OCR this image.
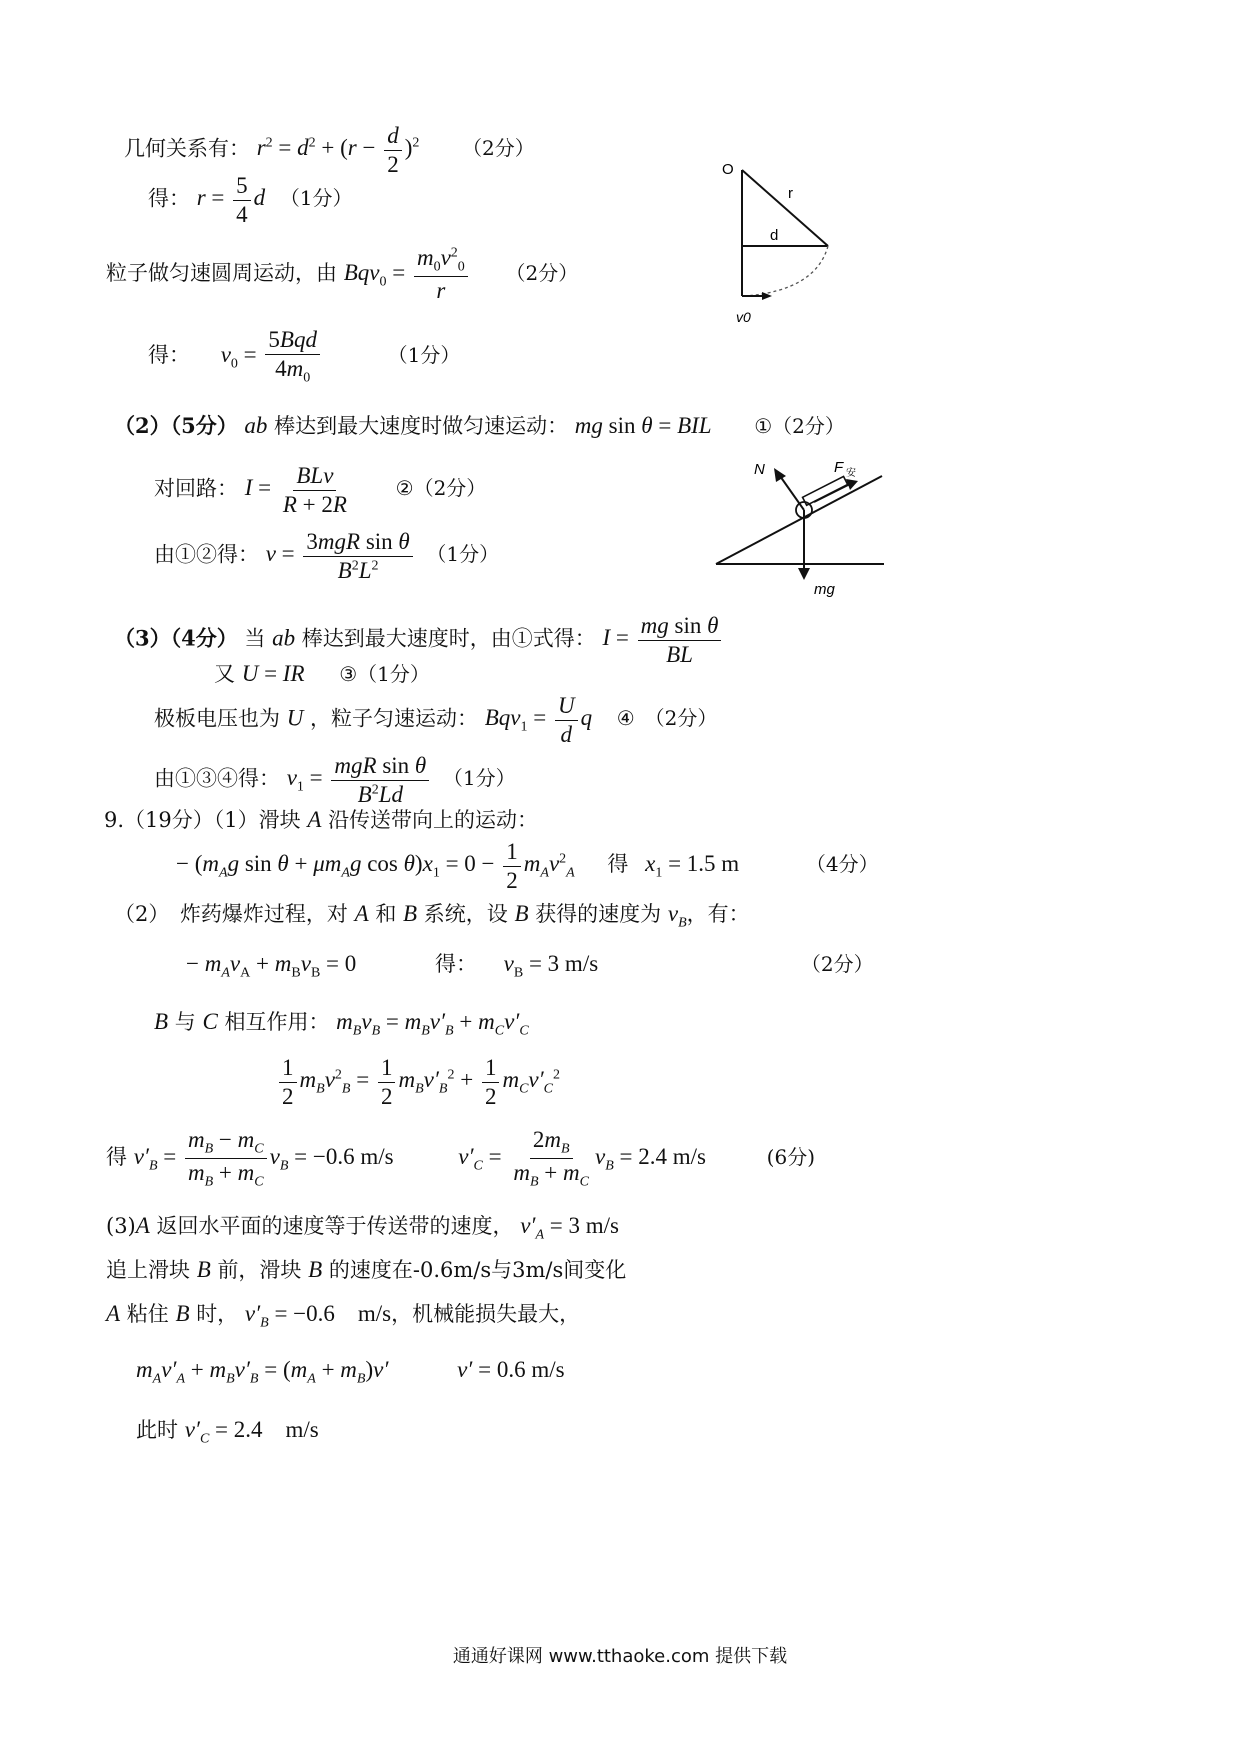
几何关系有： $r^2 = d^2 + (r - \frac{d}{2} )^2$ （2分）
得： $r = \frac{5}{4}$ d （1分）
粒子做匀速圆周运动，由 $Bqv_0 = \frac{m_0v^2_0}{r} (2$分）
得： $v_0 = \frac{\text{5Bqd}}{4m_0}$	（1分）
O
r
d
v0
（2）（5分） ab 棒达到最大速度时做匀速运动： mg sin θ = BIL ①（2分）
对回路： $I = \frac{\text{BLv}}{R + 2R}$ ②（2分）
由①②得： $v = \frac{\text{3mgR sin θ}}{B^2L^2} (1$分）
N	F 安
mg
（3）（4分） 当 ab 棒达到最大速度时，由①式得： $I = \frac{\text{mg sin θ}}{BL}$
又 U = IR ③（1分）
极板电压也为 U ，粒子匀速运动： $Bqv_1 = \frac{U}{d}$ q ④　（2分）
由①③④得： $v_1 = \frac{\text{mgR sin θ}}{B^2Ld} (1$分）
9.（19分）（1）滑块 A 沿传送带向上的运动：
− ($m_Ag$ $\sin \theta + \mu m_Ag$ $\cos \theta)x_1 = 0 - \frac{1}{2} m_Av^2_A$ 得 $x_1 = 1.5$ m	（4分）
（2）　炸药爆炸过程，对 A 和 B 系统，设 B 获得的速度为 $v_B$，有：
− $m_Av_A + m_Bv_B = 0$	得： $v_B = 3$ m/s	（2分）
B 与 C 相互作用： $m_Bv_B = m_Bv'_B + m_Cv'_C$
$\frac{1}{2} m_Bv^2_B = \frac{1}{2} m_Bv'_B^2 + \frac{1}{2} m_Cv'_C^2$
得 $v'_B = \frac{m_B - m_C}{m_B + m_C} v_B = -0.6$ m/s	$v'_C = \frac{2m_B}{m_B + m_C} v_B = 2.4$ m/s	(6分)
(3)A 返回水平面的速度等于传送带的速度， $v'_A = 3$ m/s
追上滑块 B 前，滑块 B 的速度在-0.6m/s与3m/s间变化
A 粘住 B 时， $v'_B = -0.6$　m/s，机械能损失最大，
$m_Av'_A + m_Bv'_B = (m_A + m_B)v'$	v′ = 0.6 m/s
此时 $v'_C = 2.4$　m/s
通通好课网 www.tthaoke.com 提供下载
